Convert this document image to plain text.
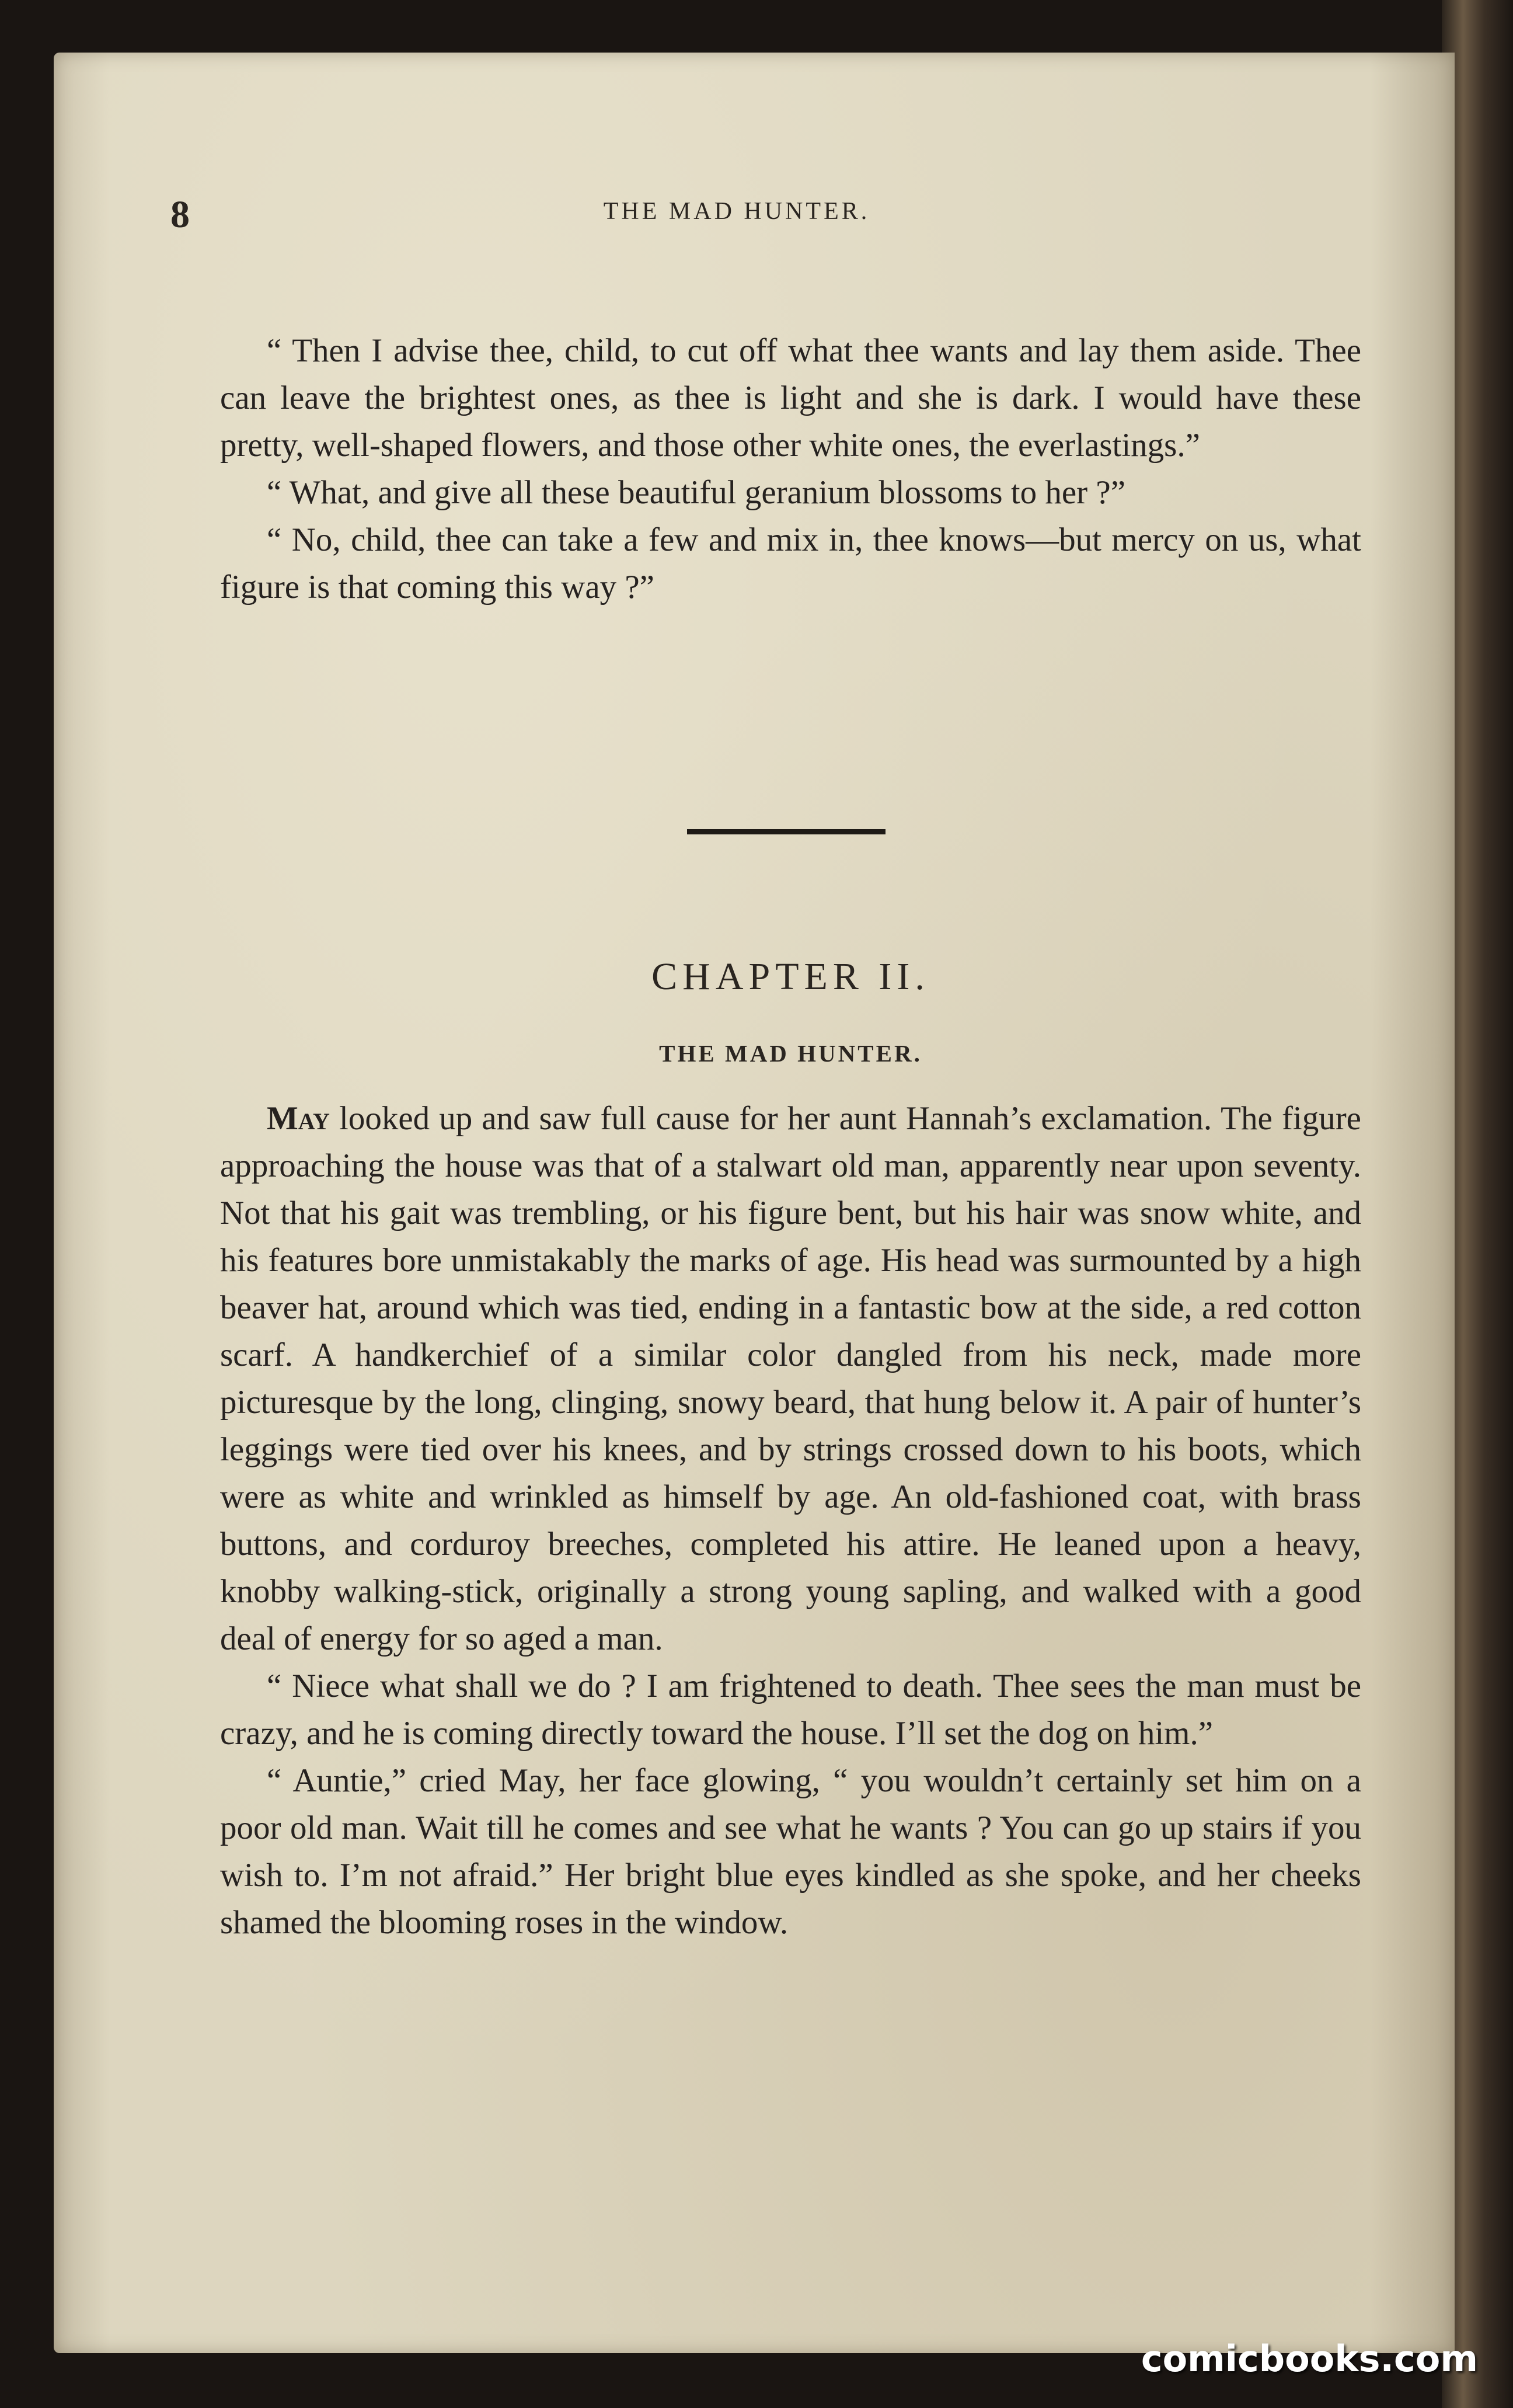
8	THE MAD HUNTER.

“ Then I advise thee, child, to cut off what thee wants and lay them aside. Thee can leave the brightest ones, as thee is light and she is dark. I would have these pretty, well-shaped flowers, and those other white ones, the everlastings.”

“ What, and give all these beautiful geranium blossoms to her ?”

“ No, child, thee can take a few and mix in, thee knows—but mercy on us, what figure is that coming this way ?”

CHAPTER II.
THE MAD HUNTER.

May looked up and saw full cause for her aunt Hannah’s exclamation. The figure approaching the house was that of a stalwart old man, apparently near upon seventy. Not that his gait was trembling, or his figure bent, but his hair was snow white, and his features bore unmistakably the marks of age. His head was surmounted by a high beaver hat, around which was tied, ending in a fantastic bow at the side, a red cotton scarf. A handkerchief of a similar color dangled from his neck, made more picturesque by the long, clinging, snowy beard, that hung below it. A pair of hunter’s leggings were tied over his knees, and by strings crossed down to his boots, which were as white and wrinkled as himself by age. An old-fashioned coat, with brass buttons, and corduroy breeches, completed his attire. He leaned upon a heavy, knobby walking-stick, originally a strong young sapling, and walked with a good deal of energy for so aged a man.

“ Niece what shall we do ? I am frightened to death. Thee sees the man must be crazy, and he is coming directly toward the house. I’ll set the dog on him.”

“ Auntie,” cried May, her face glowing, “ you wouldn’t certainly set him on a poor old man. Wait till he comes and see what he wants ? You can go up stairs if you wish to. I’m not afraid.” Her bright blue eyes kindled as she spoke, and her cheeks shamed the blooming roses in the window.

comicbooks.com
